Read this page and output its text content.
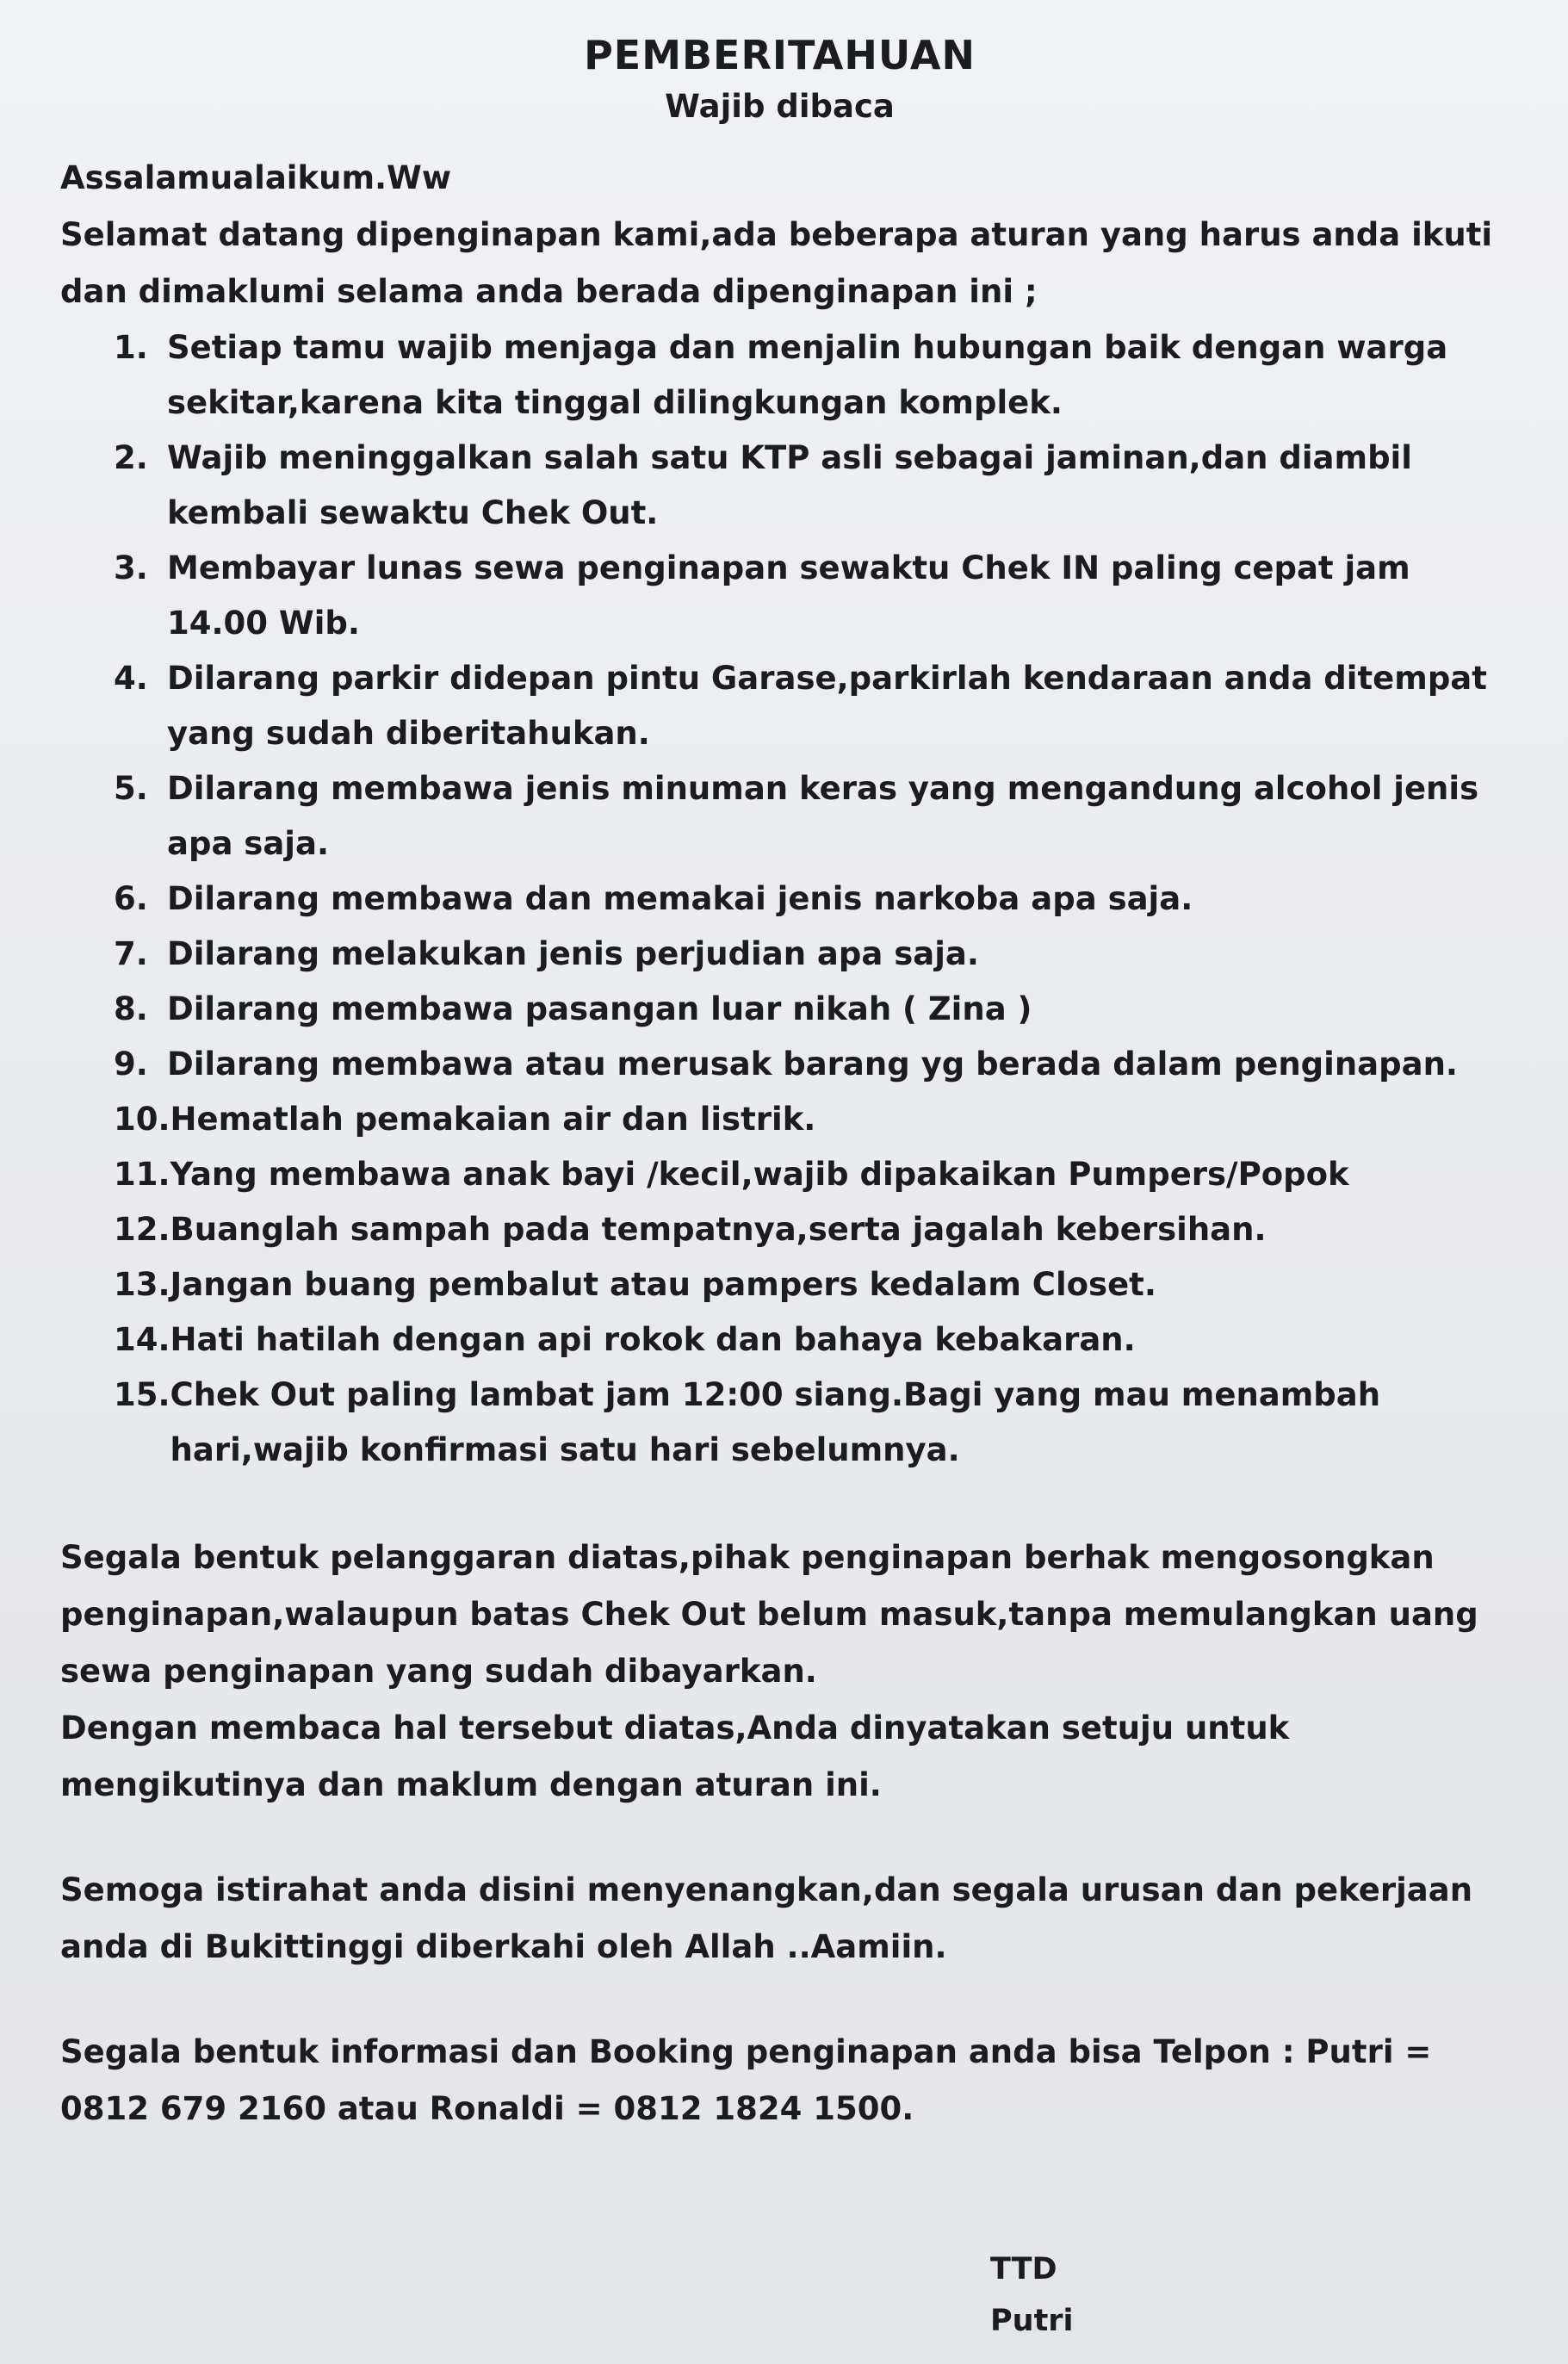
PEMBERITAHUAN
Wajib dibaca

Assalamualaikum.Ww

Selamat datang dipenginapan kami,ada beberapa aturan yang harus anda ikuti dan dimaklumi selama anda berada dipenginapan ini ;

1. Setiap tamu wajib menjaga dan menjalin hubungan baik dengan warga sekitar,karena kita tinggal dilingkungan komplek.
2. Wajib meninggalkan salah satu KTP asli sebagai jaminan,dan diambil kembali sewaktu Chek Out.
3. Membayar lunas sewa penginapan sewaktu Chek IN paling cepat jam 14.00 Wib.
4. Dilarang parkir didepan pintu Garase,parkirlah kendaraan anda ditempat yang sudah diberitahukan.
5. Dilarang membawa jenis minuman keras yang mengandung alcohol jenis apa saja.
6. Dilarang membawa dan memakai jenis narkoba apa saja.
7. Dilarang melakukan jenis perjudian apa saja.
8. Dilarang membawa pasangan luar nikah ( Zina )
9. Dilarang membawa atau merusak barang yg berada dalam penginapan.
10. Hematlah pemakaian air dan listrik.
11. Yang membawa anak bayi /kecil,wajib dipakaikan Pumpers/Popok
12. Buanglah sampah pada tempatnya,serta jagalah kebersihan.
13. Jangan buang pembalut atau pampers kedalam Closet.
14. Hati hatilah dengan api rokok dan bahaya kebakaran.
15. Chek Out paling lambat jam 12:00 siang.Bagi yang mau menambah hari,wajib konfirmasi satu hari sebelumnya.

Segala bentuk pelanggaran diatas,pihak penginapan berhak mengosongkan penginapan,walaupun batas Chek Out belum masuk,tanpa memulangkan uang sewa penginapan yang sudah dibayarkan.

Dengan membaca hal tersebut diatas,Anda dinyatakan setuju untuk mengikutinya dan maklum dengan aturan ini.

Semoga istirahat anda disini menyenangkan,dan segala urusan dan pekerjaan anda di Bukittinggi diberkahi oleh Allah ..Aamiin.

Segala bentuk informasi dan Booking penginapan anda bisa Telpon : Putri = 0812 679 2160 atau Ronaldi = 0812 1824 1500.

TTD
Putri
